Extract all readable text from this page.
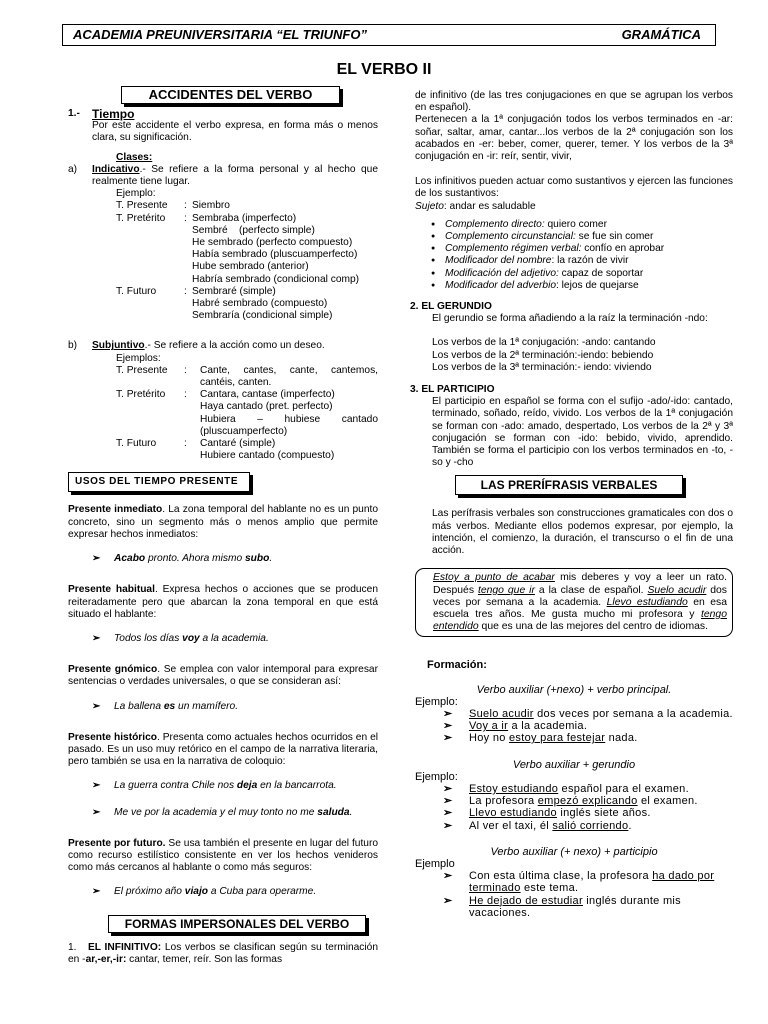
ACADEMIA PREUNIVERSITARIA “EL TRIUNFO”	GRAMÁTICA
EL VERBO II
ACCIDENTES DEL VERBO
1.-	Tiempo

Por este accidente el verbo expresa, en forma más o menos clara, su significación.

Clases:
a)	Indicativo.- Se refiere a la forma personal y al hecho que realmente tiene lugar.

Ejemplo:
T. Presente	: Siembro
T. Pretérito	: Sembraba (imperfecto)
Sembré    (perfecto simple)
He sembrado (perfecto compuesto)
Había sembrado (pluscuamperfecto)
Hube sembrado (anterior)
Habría sembrado (condicional comp)
T. Futuro	: Sembraré (simple)
Habré sembrado (compuesto)
Sembraría (condicional simple)
b)	Subjuntivo.- Se refiere a la acción como un deseo.

Ejemplos:
T. Presente	:	Cante, cantes, cante, cantemos, cantéis, canten.
T. Pretérito	:	Cantara, cantase (imperfecto)
Haya cantado (pret. perfecto)
Hubiera  –  hubiese  cantado (pluscuamperfecto)
T. Futuro	:	Cantaré (simple)
Hubiere cantado (compuesto)
USOS DEL TIEMPO PRESENTE

Presente inmediato. La zona temporal del hablante no es un punto concreto, sino un segmento más o menos amplio que permite expresar hechos inmediatos:

➢	Acabo pronto. Ahora mismo subo.

Presente habitual. Expresa hechos o acciones que se producen reiteradamente pero que abarcan la zona temporal en que está situado el hablante:

➢	Todos los días voy a la academia.

Presente gnómico. Se emplea con valor intemporal para expresar sentencias o verdades universales, o que se consideran así:

➢	La ballena es un mamífero.

Presente histórico. Presenta como actuales hechos ocurridos en el pasado. Es un uso muy retórico en el campo de la narrativa literaria, pero también se usa en la narrativa de coloquio:

➢	La guerra contra Chile nos deja en la bancarrota.
➢	Me ve por la academia y el muy tonto no me saluda.

Presente por futuro. Se usa también el presente en lugar del futuro como recurso estilístico consistente en ver los hechos venideros como más cercanos al hablante o como más seguros:

➢	El próximo año viajo a Cuba para operarme.
FORMAS IMPERSONALES DEL VERBO

1. EL INFINITIVO: Los verbos se clasifican según su terminación en -ar,-er,-ir: cantar, temer, reír. Son las formas

de infinitivo (de las tres conjugaciones en que se agrupan los verbos en español).

Pertenecen a la 1ª conjugación todos los verbos terminados en -ar: soñar, saltar, amar, cantar...los verbos de la 2ª conjugación son los acabados en -er: beber, comer, querer, temer. Y los verbos de la 3ª conjugación en -ir: reír, sentir, vivir,

Los infinitivos pueden actuar como sustantivos y ejercen las funciones de los sustantivos:

Sujeto: andar es saludable

● Complemento directo: quiero comer
● Complemento circunstancial: se fue sin comer
● Complemento régimen verbal: confío en aprobar
● Modificador del nombre: la razón de vivir
● Modificación del adjetivo: capaz de soportar
● Modificador del adverbio: lejos de quejarse
2. EL GERUNDIO

El gerundio se forma añadiendo a la raíz la terminación -ndo:

Los verbos de la 1ª conjugación: -ando: cantando
Los verbos de la 2ª terminación:-iendo: bebiendo
Los verbos de la 3ª terminación:- iendo: viviendo
3. EL PARTICIPIO

El participio en español se forma con el sufijo -ado/-ido: cantado, terminado, soñado, reído, vivido. Los verbos de la 1ª conjugación se forman con -ado: amado, despertado, Los verbos de la 2ª y 3ª conjugación se forman con -ido: bebido, vivido, aprendido. También se forma el participio con los verbos terminados en -to, -so y -cho

LAS PRERÍFRASIS VERBALES

Las perífrasis verbales son construcciones gramaticales con dos o más verbos. Mediante ellos podemos expresar, por ejemplo, la intención, el comienzo, la duración, el transcurso o el fin de una acción.

Estoy a punto de acabar mis deberes y voy a leer un rato. Después tengo que ir a la clase de español. Suelo acudir dos veces por semana a la academia. Llevo estudiando en esa escuela tres años. Me gusta mucho mi profesora y tengo entendido que es una de las mejores del centro de idiomas.
Formación:
Verbo auxiliar (+nexo) + verbo principal.
Ejemplo:
➢	Suelo acudir dos veces por semana a la academia.
➢	Voy a ir a la academia.
➢	Hoy no estoy para festejar nada.
Verbo auxiliar + gerundio
Ejemplo:
➢	Estoy estudiando español para el examen.
➢	La profesora empezó explicando el examen.
➢	Llevo estudiando inglés siete años.
➢	Al ver el taxi, él salió corriendo.
Verbo auxiliar (+ nexo) + participio
Ejemplo
➢	Con esta última clase, la profesora ha dado por terminado este tema.
➢	He dejado de estudiar inglés durante mis vacaciones.
